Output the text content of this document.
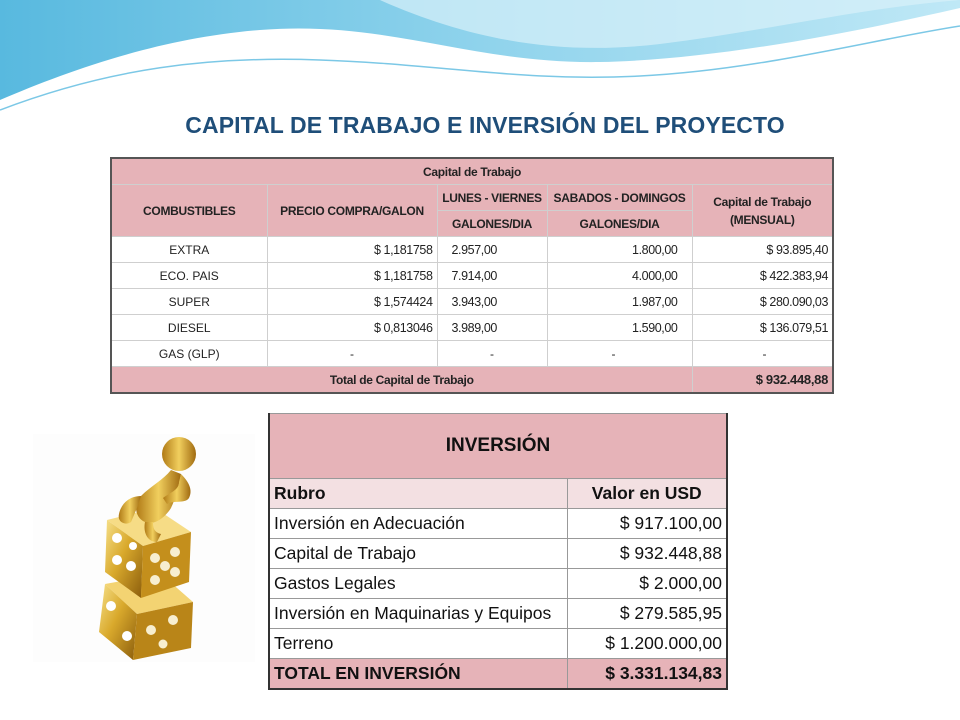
CAPITAL DE TRABAJO E INVERSIÓN DEL PROYECTO
Capital de Trabajo				
COMBUSTIBLES	PRECIO COMPRA/GALON	LUNES - VIERNES	SABADOS - DOMINGOS	Capital de Trabajo
(MENSUAL)

		GALONES/DIA	GALONES/DIA	
EXTRA	$ 1,181758	2.957,00	1.800,00	$ 93.895,40
ECO. PAIS	$ 1,181758	7.914,00	4.000,00	$ 422.383,94
SUPER	$ 1,574424	3.943,00	1.987,00	$ 280.090,03
DIESEL	$ 0,813046	3.989,00	1.590,00	$ 136.079,51
GAS (GLP)	-	-	-	-
Total de Capital de Trabajo				$ 932.448,88
INVERSIÓN	
Rubro	Valor en USD
Inversión en Adecuación	$ 917.100,00
Capital de Trabajo	$ 932.448,88
Gastos Legales	$ 2.000,00
Inversión en Maquinarias y Equipos	$ 279.585,95
Terreno	$ 1.200.000,00
TOTAL EN INVERSIÓN	$ 3.331.134,83
